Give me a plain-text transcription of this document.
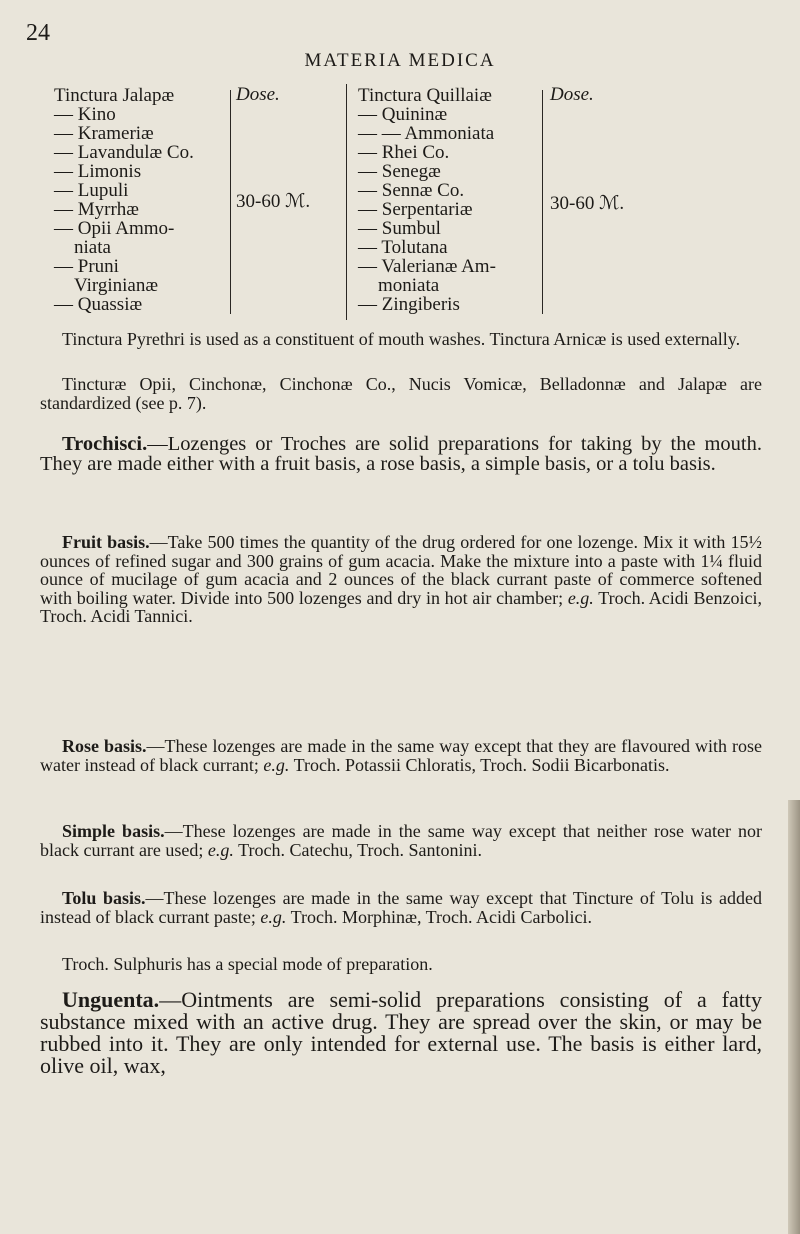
24
MATERIA MEDICA
Tinctura Jalapæ
— Kino
— Krameriæ
— Lavandulæ Co.
— Limonis
— Lupuli
— Myrrhæ
— Opii Ammo-
niata
— Pruni
Virginianæ
— Quassiæ
Dose.
30-60 ℳ.
Tinctura Quillaiæ
— Quininæ
— — Ammoniata
— Rhei Co.
— Senegæ
— Sennæ Co.
— Serpentariæ
— Sumbul
— Tolutana
— Valerianæ Am-
moniata
— Zingiberis
Dose.
30-60 ℳ.

Tinctura Pyrethri is used as a constituent of mouth washes. Tinctura Arnicæ is used externally.

Tincturæ Opii, Cinchonæ, Cinchonæ Co., Nucis Vomicæ, Belladonnæ and Jalapæ are standardized (see p. 7).

Trochisci.—Lozenges or Troches are solid preparations for taking by the mouth. They are made either with a fruit basis, a rose basis, a simple basis, or a tolu basis.

Fruit basis.—Take 500 times the quantity of the drug ordered for one lozenge. Mix it with 15½ ounces of refined sugar and 300 grains of gum acacia. Make the mixture into a paste with 1¼ fluid ounce of mucilage of gum acacia and 2 ounces of the black currant paste of commerce softened with boiling water. Divide into 500 lozenges and dry in hot air chamber; e.g. Troch. Acidi Benzoici, Troch. Acidi Tannici.

Rose basis.—These lozenges are made in the same way except that they are flavoured with rose water instead of black currant; e.g. Troch. Potassii Chloratis, Troch. Sodii Bicarbonatis.

Simple basis.—These lozenges are made in the same way except that neither rose water nor black currant are used; e.g. Troch. Catechu, Troch. Santonini.

Tolu basis.—These lozenges are made in the same way except that Tincture of Tolu is added instead of black currant paste; e.g. Troch. Morphinæ, Troch. Acidi Carbolici.

Troch. Sulphuris has a special mode of preparation.

Unguenta.—Ointments are semi-solid preparations consisting of a fatty substance mixed with an active drug. They are spread over the skin, or may be rubbed into it. They are only intended for external use. The basis is either lard, olive oil, wax,
